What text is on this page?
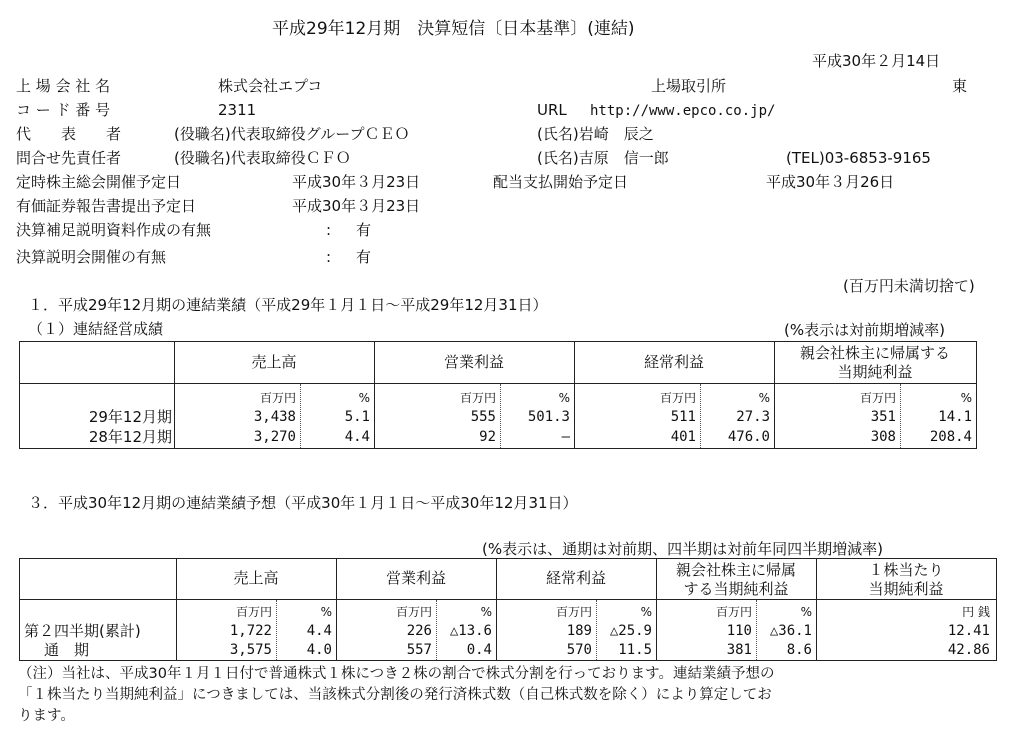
平成29年12月期　決算短信〔日本基準〕(連結)
平成30年２月14日
上 場 会 社 名	株式会社エプコ	上場取引所	東
コ ー ド 番 号	2311	URL http://www.epco.co.jp/
代　　表　　者	(役職名)代表取締役グループＣＥＯ	(氏名)岩崎　辰之
問合せ先責任者	(役職名)代表取締役ＣＦＯ	(氏名)吉原　信一郎	(TEL)03-6853-9165
定時株主総会開催予定日	平成30年３月23日	配当支払開始予定日	平成30年３月26日
有価証券報告書提出予定日	平成30年３月23日
決算補足説明資料作成の有無	: 有
決算説明会開催の有無	: 有
(百万円未満切捨て)
１．平成29年12月期の連結業績（平成29年１月１日～平成29年12月31日）
（１）連結経営成績	(%表示は対前期増減率)
売上高	営業利益	経常利益	親会社株主に帰属する
当期純利益
百万円	%	百万円	%	百万円	%	百万円	%
29年12月期	3,438	5.1	555	501.3	511	27.3	351	14.1
28年12月期	3,270	4.4	92	―	401	476.0	308	208.4
３．平成30年12月期の連結業績予想（平成30年１月１日～平成30年12月31日）
(%表示は、通期は対前期、四半期は対前年同四半期増減率)
売上高	営業利益	経常利益	親会社株主に帰属
する当期純利益
１株当たり
当期純利益
百万円	%	百万円	%	百万円	%	百万円	%	円 銭
第２四半期(累計)	1,722	4.4	226	△13.6	189	△25.9	110	△36.1	12.41
通　期	3,575	4.0	557	0.4	570	11.5	381	8.6	42.86
（注）当社は、平成30年１月１日付で普通株式１株につき２株の割合で株式分割を行っております。連結業績予想の
「１株当たり当期純利益」につきましては、当該株式分割後の発行済株式数（自己株式数を除く）により算定してお
ります。
